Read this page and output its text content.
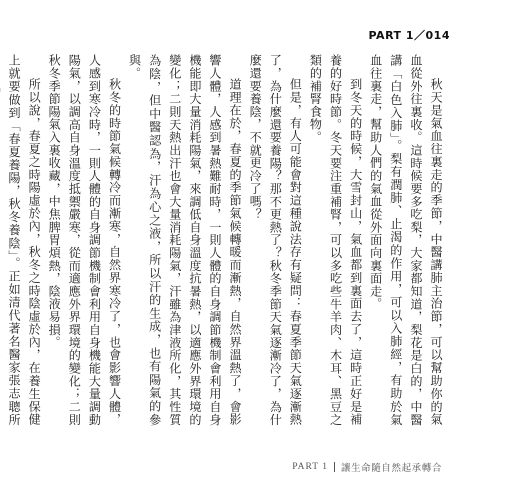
PART 1／014

秋天是氣血往裏走的季節，中醫講肺主治節，可以幫助你的氣血從外往裏收。這時候要多吃梨，大家都知道，梨花是白的，中醫講「白色入肺」。梨有潤肺、止渴的作用，可以入肺經，有助於氣血往裏走，幫助人們的氣血從外面向裏面走。

到冬天的時候，大雪封山，氣血都到裏面去了，這時正好是補養的好時節。冬天要注重補腎，可以多吃些牛羊肉、木耳、黑豆之類的補腎食物。

但是，有人可能會對這種說法存有疑問：春夏季節天氣逐漸熱了，為什麼還要養陽？那不更熱了？秋冬季節天氣逐漸冷了，為什麼還要養陰，不就更冷了嗎？

道理在於，春夏的季節氣候轉暖而漸熱，自然界溫熱了，會影響人體，人感到暑熱難耐時，一則人體的自身調節機制會利用自身機能即大量消耗陽氣，來調低自身溫度抗暑熱，以適應外界環境的變化；二則天熱出汗也會大量消耗陽氣，汗雖為津液所化，其性質為陰，但中醫認為，汗為心之液，所以汗的生成，也有陽氣的參與。

秋冬的時節氣候轉冷而漸寒，自然界寒冷了，也會影響人體，人感到寒冷時，一則人體的自身調節機制會利用自身機能大量調動陽氣，以調高自身溫度抵禦嚴寒，從而適應外界環境的變化；二則秋冬季節陽氣入裏收藏，中焦脾胃煩熱，陰液易損。

所以說，春夏之時陽虛於內，秋冬之時陰虛於內，在養生保健上就要做到「春夏養陽，秋冬養陰」。正如清代著名醫家張志聰所

PART 1 讓生命隨自然起承轉合
